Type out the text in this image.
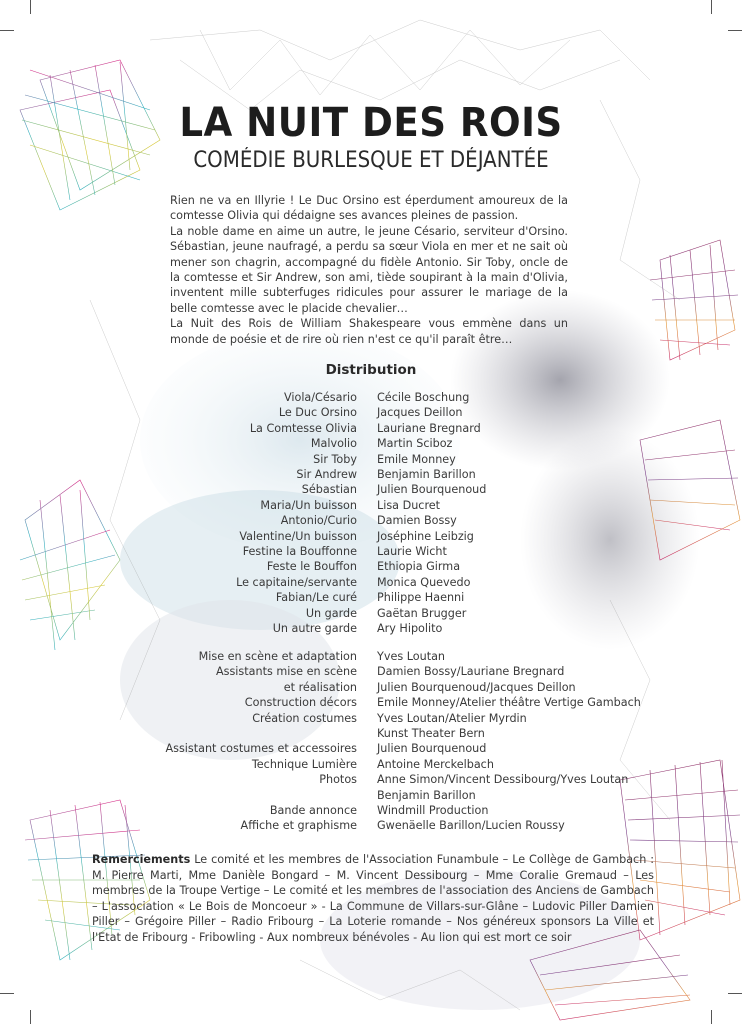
LA NUIT DES ROIS
COMÉDIE BURLESQUE ET DÉJANTÉE

Rien ne va en Illyrie ! Le Duc Orsino est éperdument amoureux de la comtesse Olivia qui dédaigne ses avances pleines de passion.

La noble dame en aime un autre, le jeune Césario, serviteur d'Orsino. Sébastian, jeune naufragé, a perdu sa sœur Viola en mer et ne sait où mener son chagrin, accompagné du fidèle Antonio. Sir Toby, oncle de la comtesse et Sir Andrew, son ami, tiède soupirant à la main d'Olivia, inventent mille subterfuges ridicules pour assurer le mariage de la belle comtesse avec le placide chevalier…

La Nuit des Rois de William Shakespeare vous emmène dans un monde de poésie et de rire où rien n'est ce qu'il paraît être…

Distribution
Viola/Césario Cécile Boschung
Le Duc Orsino Jacques Deillon
La Comtesse Olivia Lauriane Bregnard
Malvolio Martin Sciboz
Sir Toby Emile Monney
Sir Andrew Benjamin Barillon
Sébastian Julien Bourquenoud
Maria/Un buisson Lisa Ducret
Antonio/Curio Damien Bossy
Valentine/Un buisson Joséphine Leibzig
Festine la Bouffonne Laurie Wicht
Feste le Bouffon Ethiopia Girma
Le capitaine/servante Monica Quevedo
Fabian/Le curé Philippe Haenni
Un garde Gaëtan Brugger
Un autre garde Ary Hipolito
Mise en scène et adaptation Yves Loutan
Assistants mise en scène Damien Bossy/Lauriane Bregnard
et réalisation Julien Bourquenoud/Jacques Deillon
Construction décors Emile Monney/Atelier théâtre Vertige Gambach
Création costumes Yves Loutan/Atelier Myrdin
Kunst Theater Bern
Assistant costumes et accessoires Julien Bourquenoud
Technique Lumière Antoine Merckelbach
Photos Anne Simon/Vincent Dessibourg/Yves Loutan
Benjamin Barillon
Bande annonce Windmill Production
Affiche et graphisme Gwenäelle Barillon/Lucien Roussy
Remerciements Le comité et les membres de l'Association Funambule – Le Collège de Gambach : M. Pierre Marti, Mme Danièle Bongard – M. Vincent Dessibourg – Mme Coralie Gremaud – Les membres de la Troupe Vertige – Le comité et les membres de l'association des Anciens de Gambach – L'association « Le Bois de Moncoeur » - La Commune de Villars-sur-Glâne – Ludovic Piller Damien Piller – Grégoire Piller – Radio Fribourg – La Loterie romande – Nos généreux sponsors La Ville et l'Etat de Fribourg - Fribowling - Aux nombreux bénévoles - Au lion qui est mort ce soir
